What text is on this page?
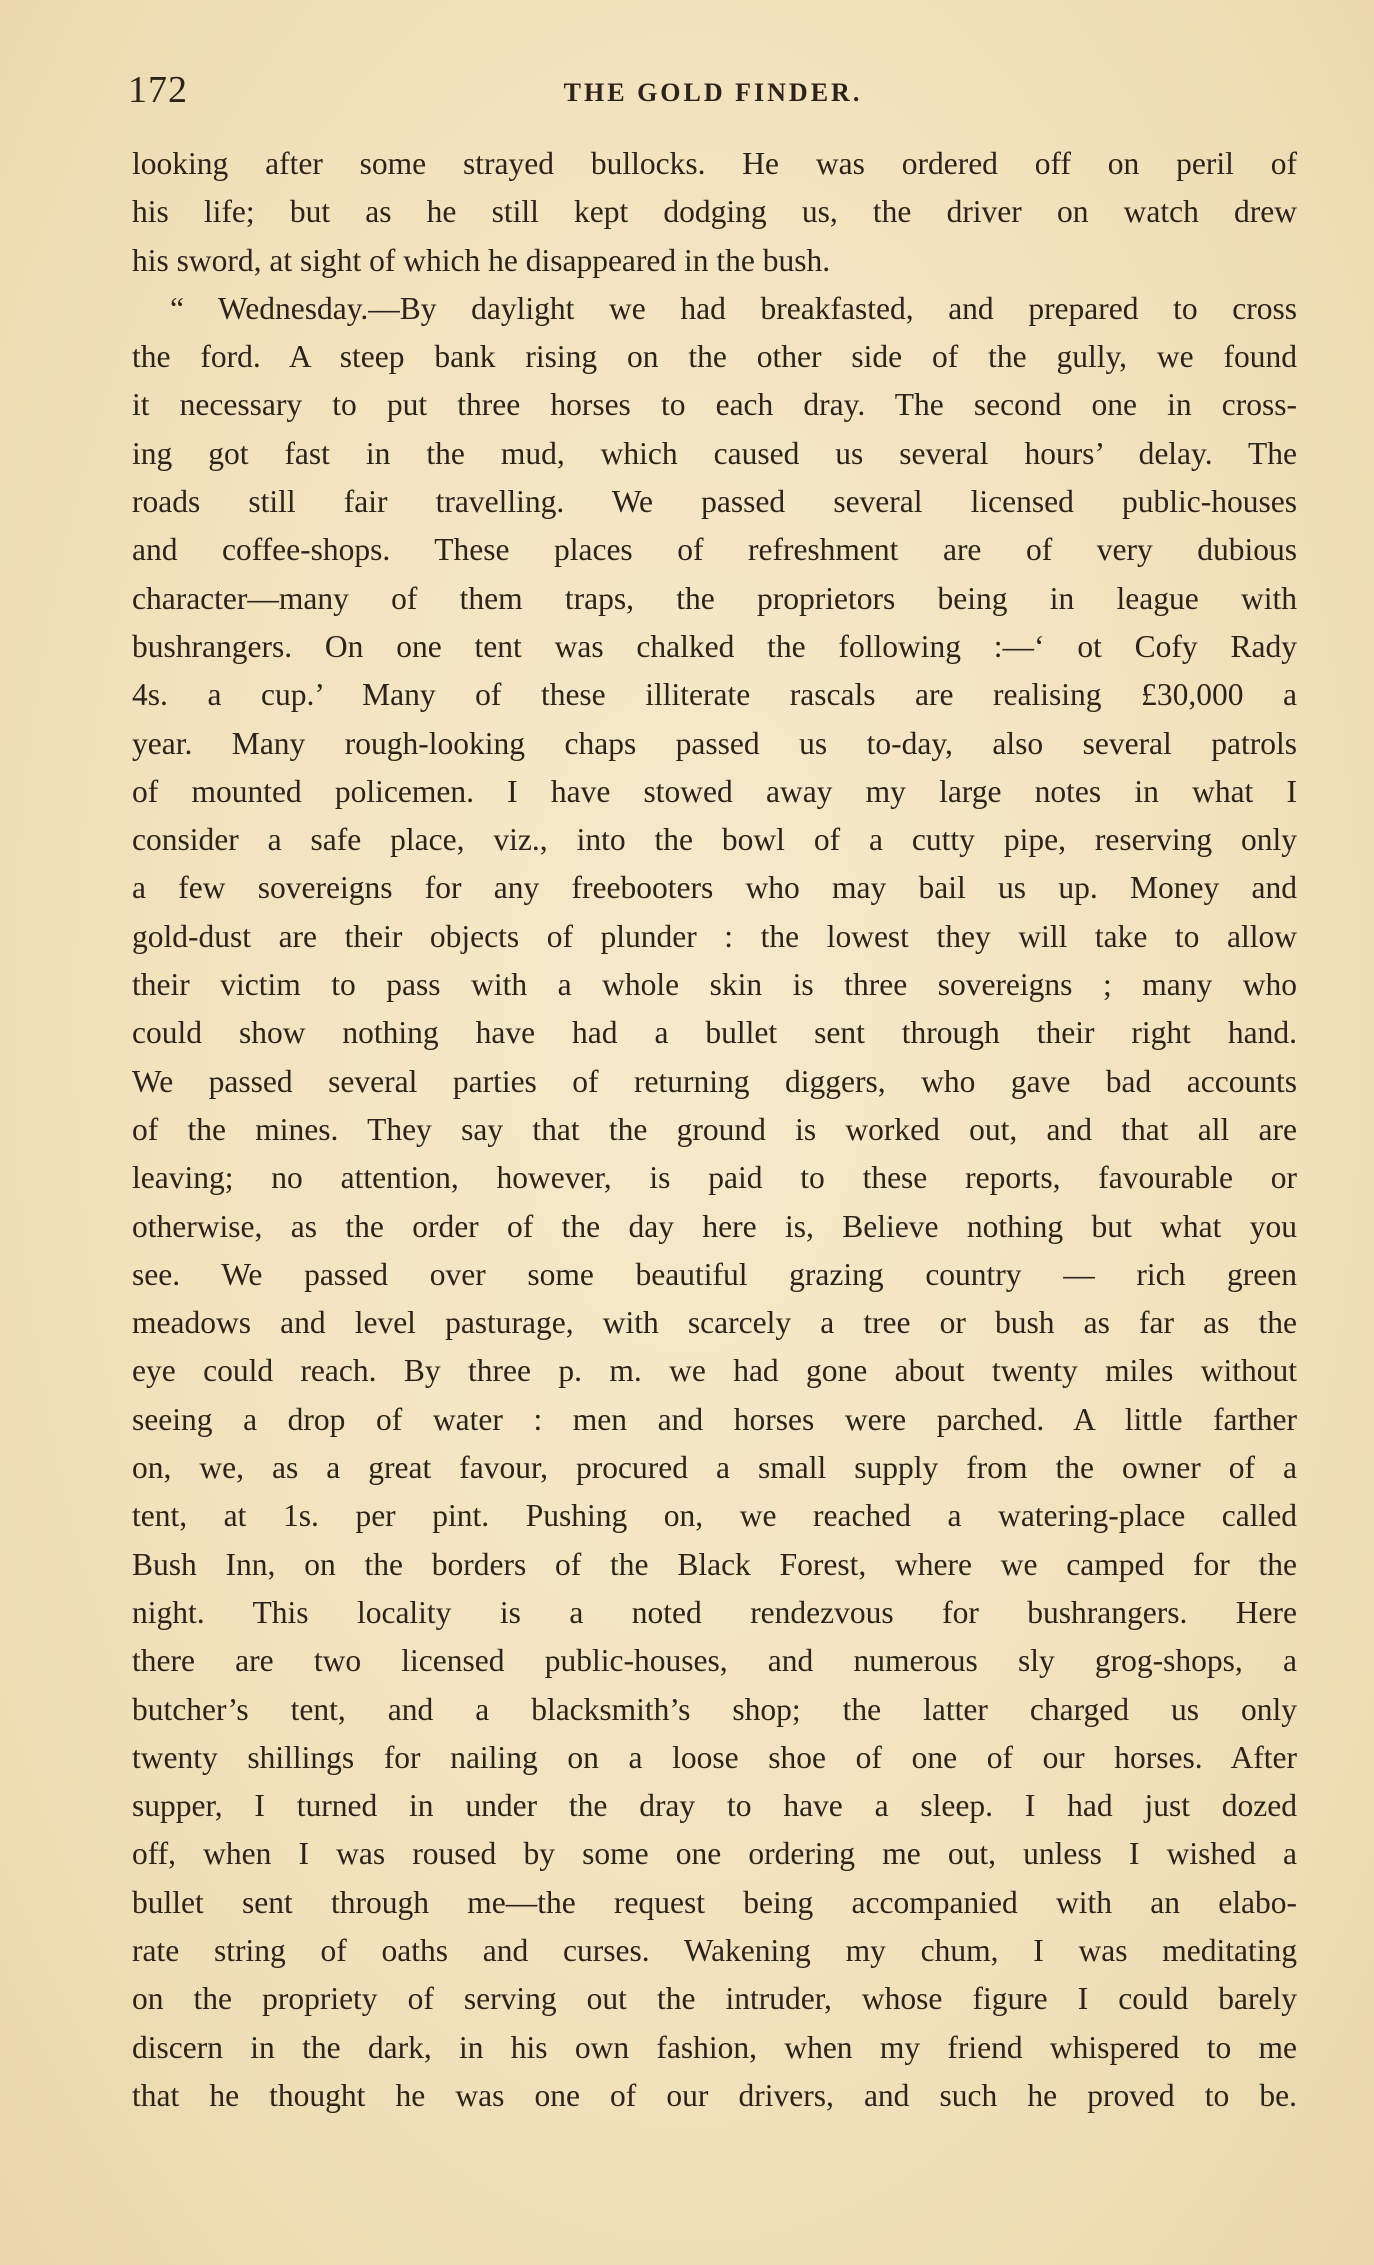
172	THE GOLD FINDER.
looking after some strayed bullocks. He was ordered off on peril of
his life; but as he still kept dodging us, the driver on watch drew
his sword, at sight of which he disappeared in the bush.
“ Wednesday.—By daylight we had breakfasted, and prepared to cross
the ford. A steep bank rising on the other side of the gully, we found
it necessary to put three horses to each dray. The second one in cross-
ing got fast in the mud, which caused us several hours’ delay. The
roads still fair travelling. We passed several licensed public-houses
and coffee-shops. These places of refreshment are of very dubious
character—many of them traps, the proprietors being in league with
bushrangers. On one tent was chalked the following :—‘ ot Cofy Rady
4s. a cup.’ Many of these illiterate rascals are realising £30,000 a
year. Many rough-looking chaps passed us to-day, also several patrols
of mounted policemen. I have stowed away my large notes in what I
consider a safe place, viz., into the bowl of a cutty pipe, reserving only
a few sovereigns for any freebooters who may bail us up. Money and
gold-dust are their objects of plunder : the lowest they will take to allow
their victim to pass with a whole skin is three sovereigns ; many who
could show nothing have had a bullet sent through their right hand.
We passed several parties of returning diggers, who gave bad accounts
of the mines. They say that the ground is worked out, and that all are
leaving; no attention, however, is paid to these reports, favourable or
otherwise, as the order of the day here is, Believe nothing but what you
see. We passed over some beautiful grazing country — rich green
meadows and level pasturage, with scarcely a tree or bush as far as the
eye could reach. By three p. m. we had gone about twenty miles without
seeing a drop of water : men and horses were parched. A little farther
on, we, as a great favour, procured a small supply from the owner of a
tent, at 1s. per pint. Pushing on, we reached a watering-place called
Bush Inn, on the borders of the Black Forest, where we camped for the
night. This locality is a noted rendezvous for bushrangers. Here
there are two licensed public-houses, and numerous sly grog-shops, a
butcher’s tent, and a blacksmith’s shop; the latter charged us only
twenty shillings for nailing on a loose shoe of one of our horses. After
supper, I turned in under the dray to have a sleep. I had just dozed
off, when I was roused by some one ordering me out, unless I wished a
bullet sent through me—the request being accompanied with an elabo-
rate string of oaths and curses. Wakening my chum, I was meditating
on the propriety of serving out the intruder, whose figure I could barely
discern in the dark, in his own fashion, when my friend whispered to me
that he thought he was one of our drivers, and such he proved to be.
